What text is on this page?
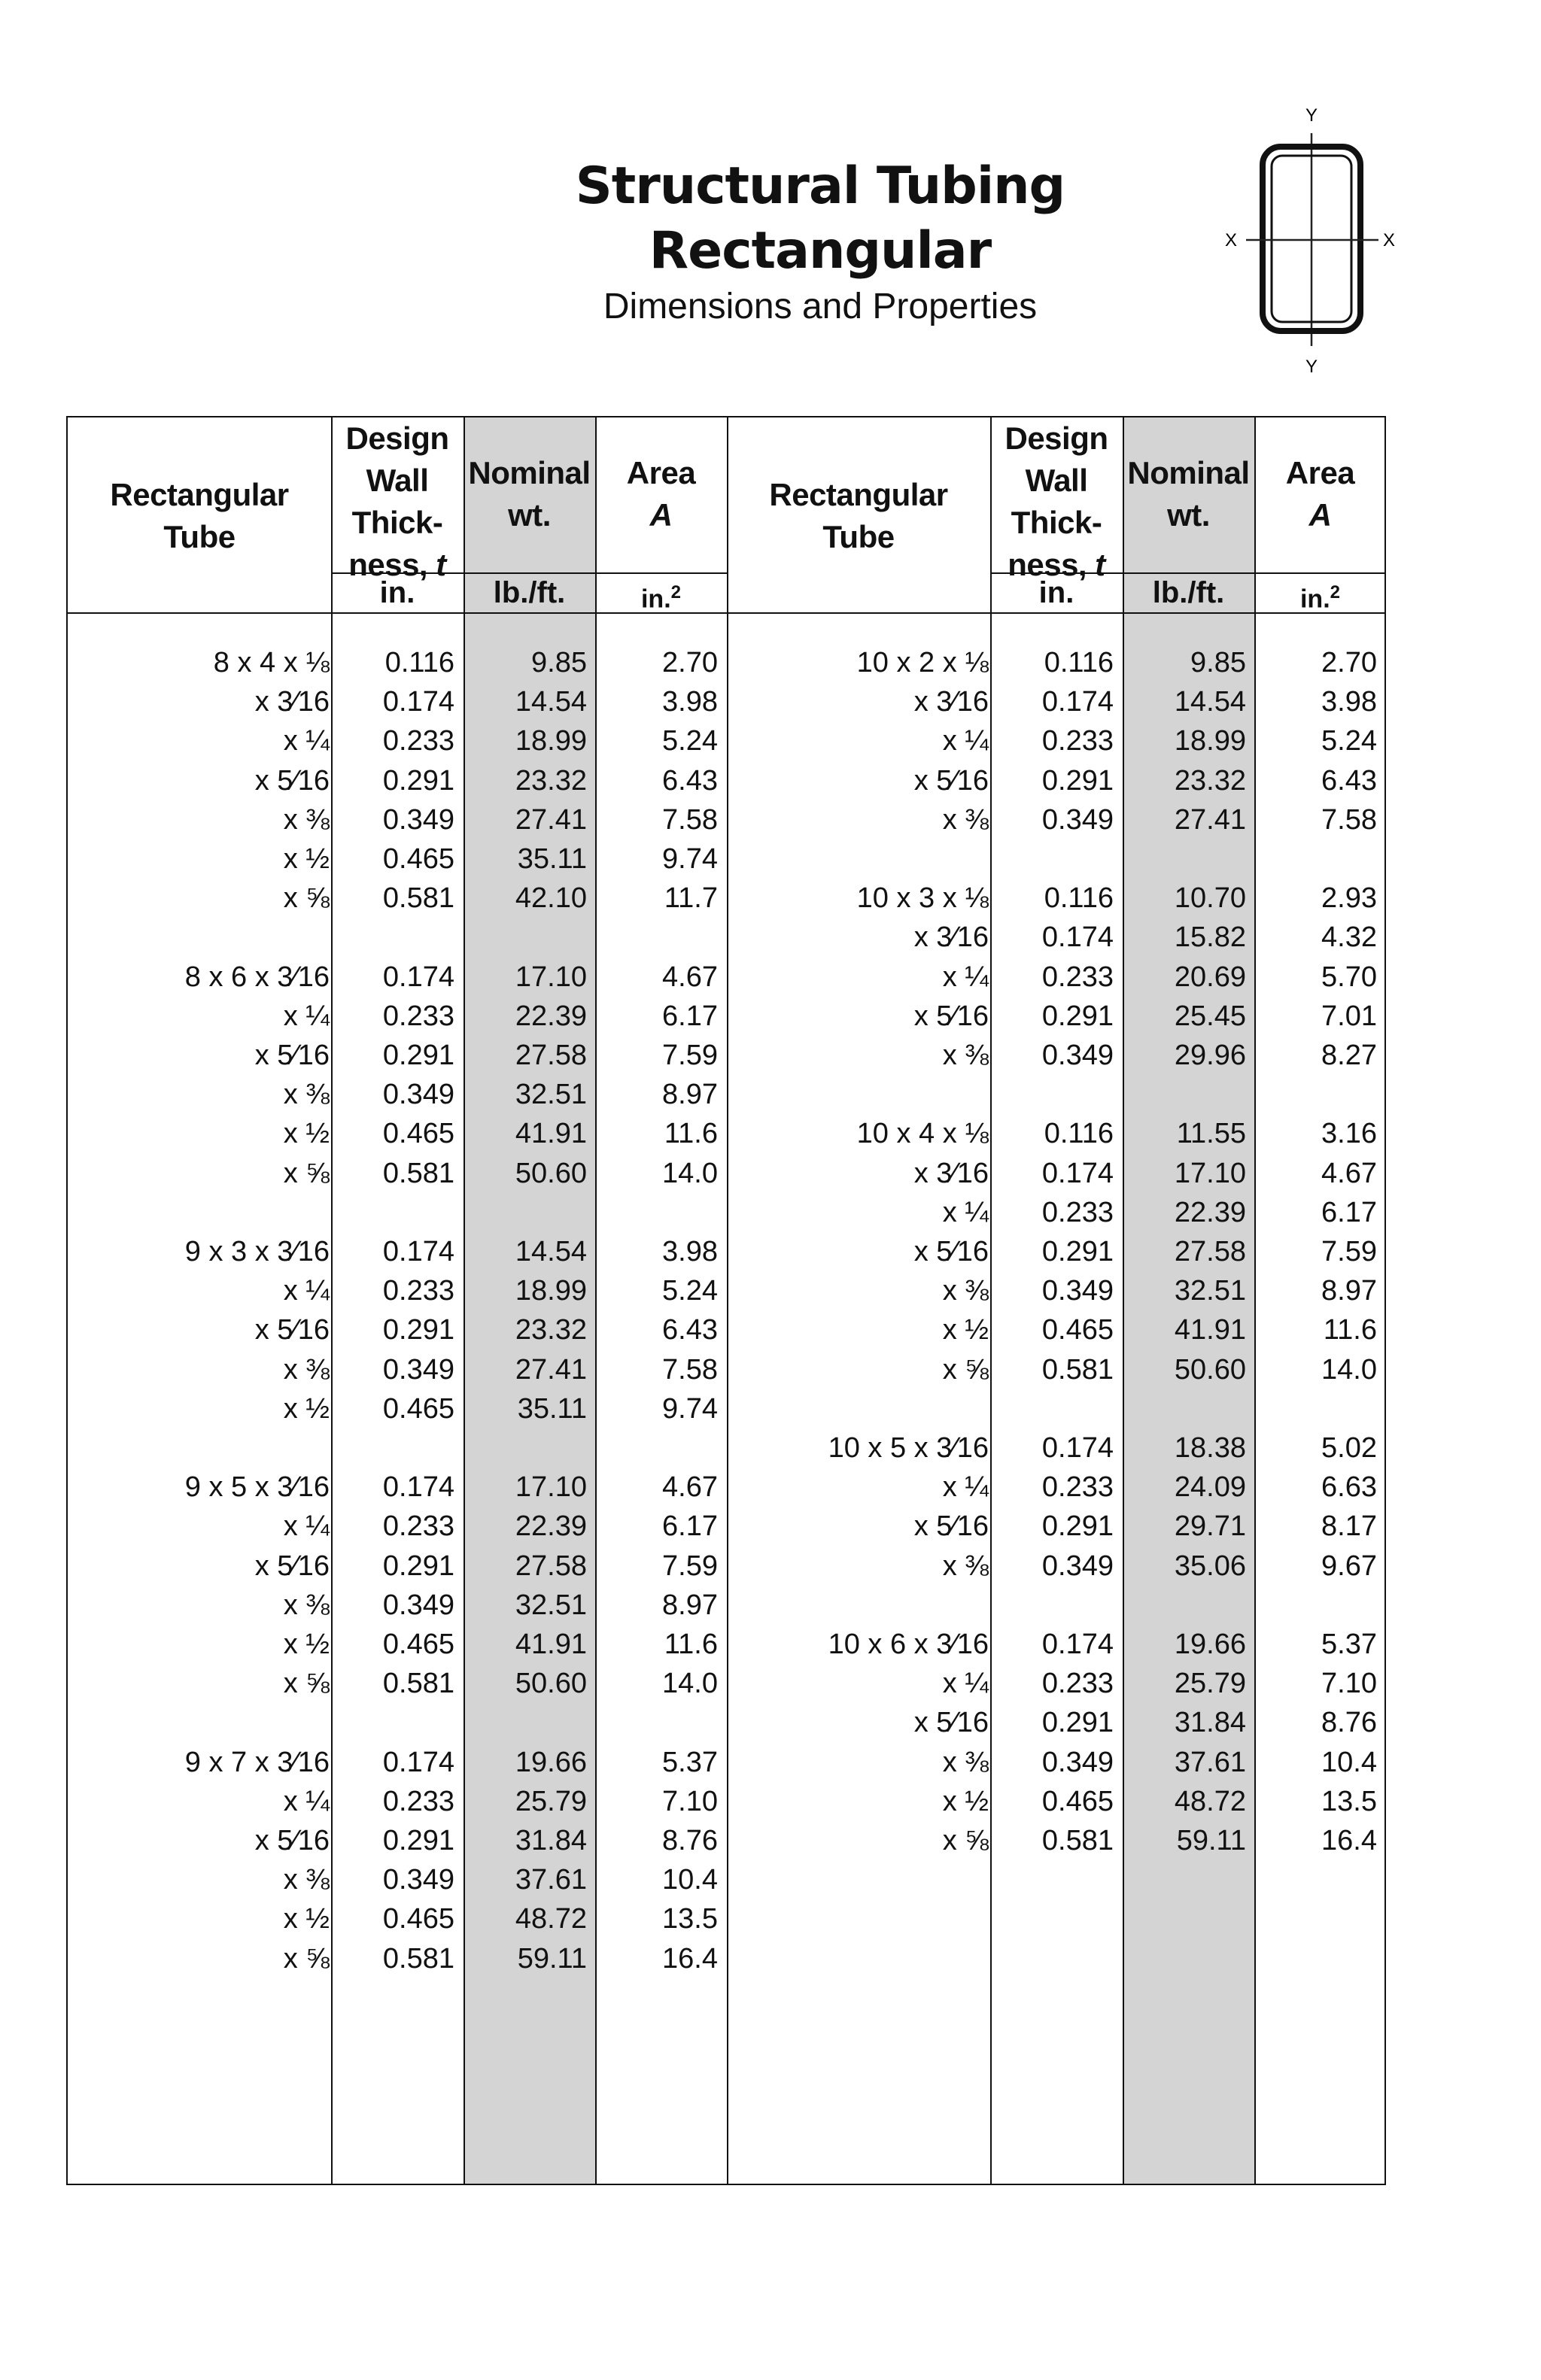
Structural Tubing
Rectangular
Dimensions and Properties
Y
X	X
Y
Rectangular
Tube
Design
Wall
Thick-
ness, t
Nominal
wt.
Area
A
in.	lb./ft.	in.$^2$
Rectangular
Tube
Design
Wall
Thick-
ness, t
Nominal
wt.
Area
A
in.	lb./ft.	in.$^2$
8 x 4 x ⅛ 0.116	9.85	2.70
x 3⁄16 0.174 14.54	3.98
x ¼ 0.233 18.99	5.24
x 5⁄16 0.291 23.32	6.43
x ⅜ 0.349 27.41	7.58
x ½ 0.465 35.11	9.74
x ⅝ 0.581 42.10	11.7
8 x 6 x 3⁄16 0.174 17.10	4.67
x ¼ 0.233 22.39	6.17
x 5⁄16 0.291 27.58	7.59
x ⅜ 0.349 32.51	8.97
x ½ 0.465 41.91	11.6
x ⅝ 0.581 50.60	14.0
9 x 3 x 3⁄16 0.174 14.54	3.98
x ¼ 0.233 18.99	5.24
x 5⁄16 0.291 23.32	6.43
x ⅜ 0.349 27.41	7.58
x ½ 0.465 35.11	9.74
9 x 5 x 3⁄16 0.174 17.10	4.67
x ¼ 0.233 22.39	6.17
x 5⁄16 0.291 27.58	7.59
x ⅜ 0.349 32.51	8.97
x ½ 0.465 41.91	11.6
x ⅝ 0.581 50.60	14.0
9 x 7 x 3⁄16 0.174 19.66	5.37
x ¼ 0.233 25.79	7.10
x 5⁄16 0.291 31.84	8.76
x ⅜ 0.349 37.61	10.4
x ½ 0.465 48.72	13.5
x ⅝ 0.581 59.11	16.4
10 x 2 x ⅛ 0.116	9.85	2.70
x 3⁄16 0.174 14.54	3.98
x ¼ 0.233 18.99	5.24
x 5⁄16 0.291 23.32	6.43
x ⅜ 0.349 27.41	7.58
10 x 3 x ⅛ 0.116 10.70	2.93
x 3⁄16 0.174 15.82	4.32
x ¼ 0.233 20.69	5.70
x 5⁄16 0.291 25.45	7.01
x ⅜ 0.349 29.96	8.27
10 x 4 x ⅛ 0.116 11.55	3.16
x 3⁄16 0.174 17.10	4.67
x ¼ 0.233 22.39	6.17
x 5⁄16 0.291 27.58	7.59
x ⅜ 0.349 32.51	8.97
x ½ 0.465 41.91	11.6
x ⅝ 0.581 50.60	14.0
10 x 5 x 3⁄16 0.174 18.38	5.02
x ¼ 0.233 24.09	6.63
x 5⁄16 0.291 29.71	8.17
x ⅜ 0.349 35.06	9.67
10 x 6 x 3⁄16 0.174 19.66	5.37
x ¼ 0.233 25.79	7.10
x 5⁄16 0.291 31.84	8.76
x ⅜ 0.349 37.61	10.4
x ½ 0.465 48.72	13.5
x ⅝ 0.581 59.11	16.4
